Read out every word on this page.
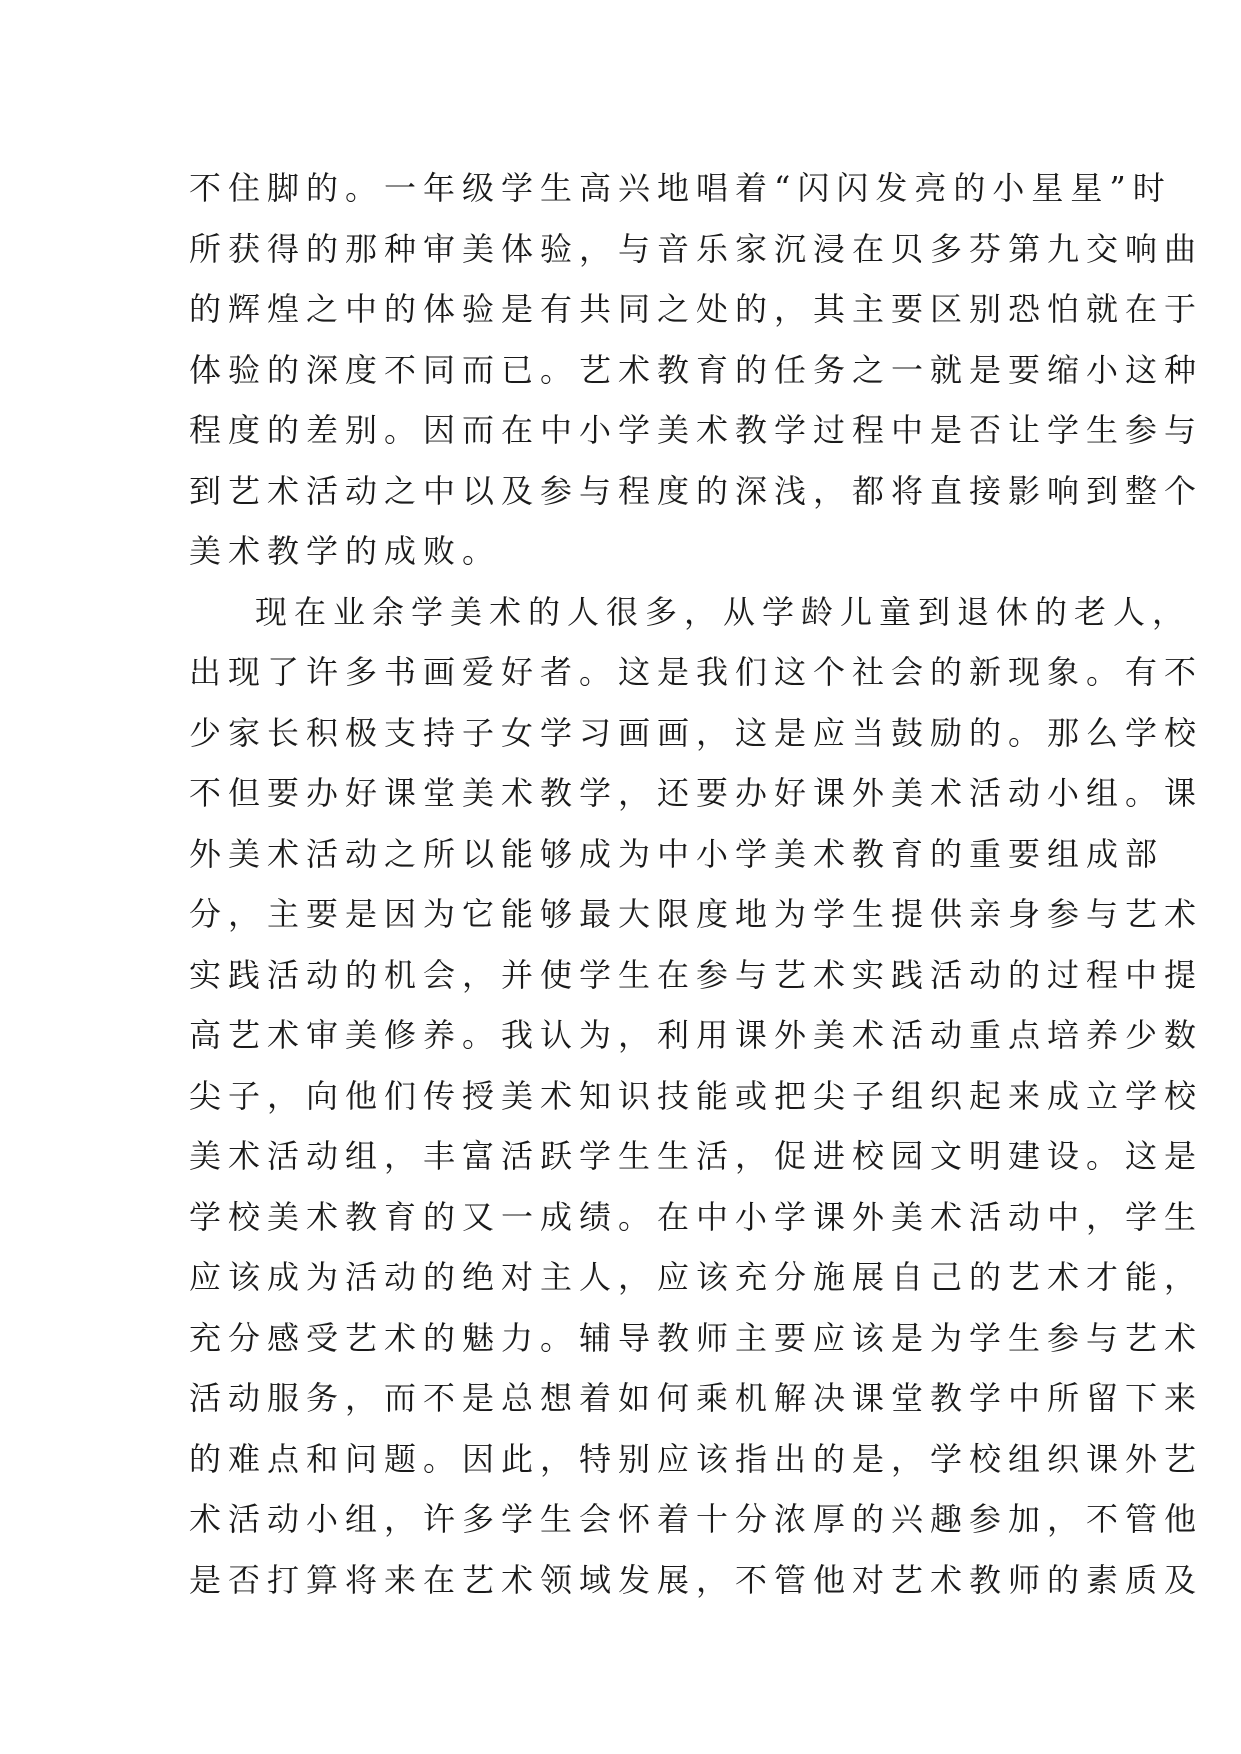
不住脚的。一年级学生高兴地唱着“闪闪发亮的小星星”时
所获得的那种审美体验，与音乐家沉浸在贝多芬第九交响曲
的辉煌之中的体验是有共同之处的，其主要区别恐怕就在于
体验的深度不同而已。艺术教育的任务之一就是要缩小这种
程度的差别。因而在中小学美术教学过程中是否让学生参与
到艺术活动之中以及参与程度的深浅，都将直接影响到整个
美术教学的成败。
现在业余学美术的人很多，从学龄儿童到退休的老人，
出现了许多书画爱好者。这是我们这个社会的新现象。有不
少家长积极支持子女学习画画，这是应当鼓励的。那么学校
不但要办好课堂美术教学，还要办好课外美术活动小组。课
外美术活动之所以能够成为中小学美术教育的重要组成部
分，主要是因为它能够最大限度地为学生提供亲身参与艺术
实践活动的机会，并使学生在参与艺术实践活动的过程中提
高艺术审美修养。我认为，利用课外美术活动重点培养少数
尖子，向他们传授美术知识技能或把尖子组织起来成立学校
美术活动组，丰富活跃学生生活，促进校园文明建设。这是
学校美术教育的又一成绩。在中小学课外美术活动中，学生
应该成为活动的绝对主人，应该充分施展自己的艺术才能，
充分感受艺术的魅力。辅导教师主要应该是为学生参与艺术
活动服务，而不是总想着如何乘机解决课堂教学中所留下来
的难点和问题。因此，特别应该指出的是，学校组织课外艺
术活动小组，许多学生会怀着十分浓厚的兴趣参加，不管他
是否打算将来在艺术领域发展，不管他对艺术教师的素质及
